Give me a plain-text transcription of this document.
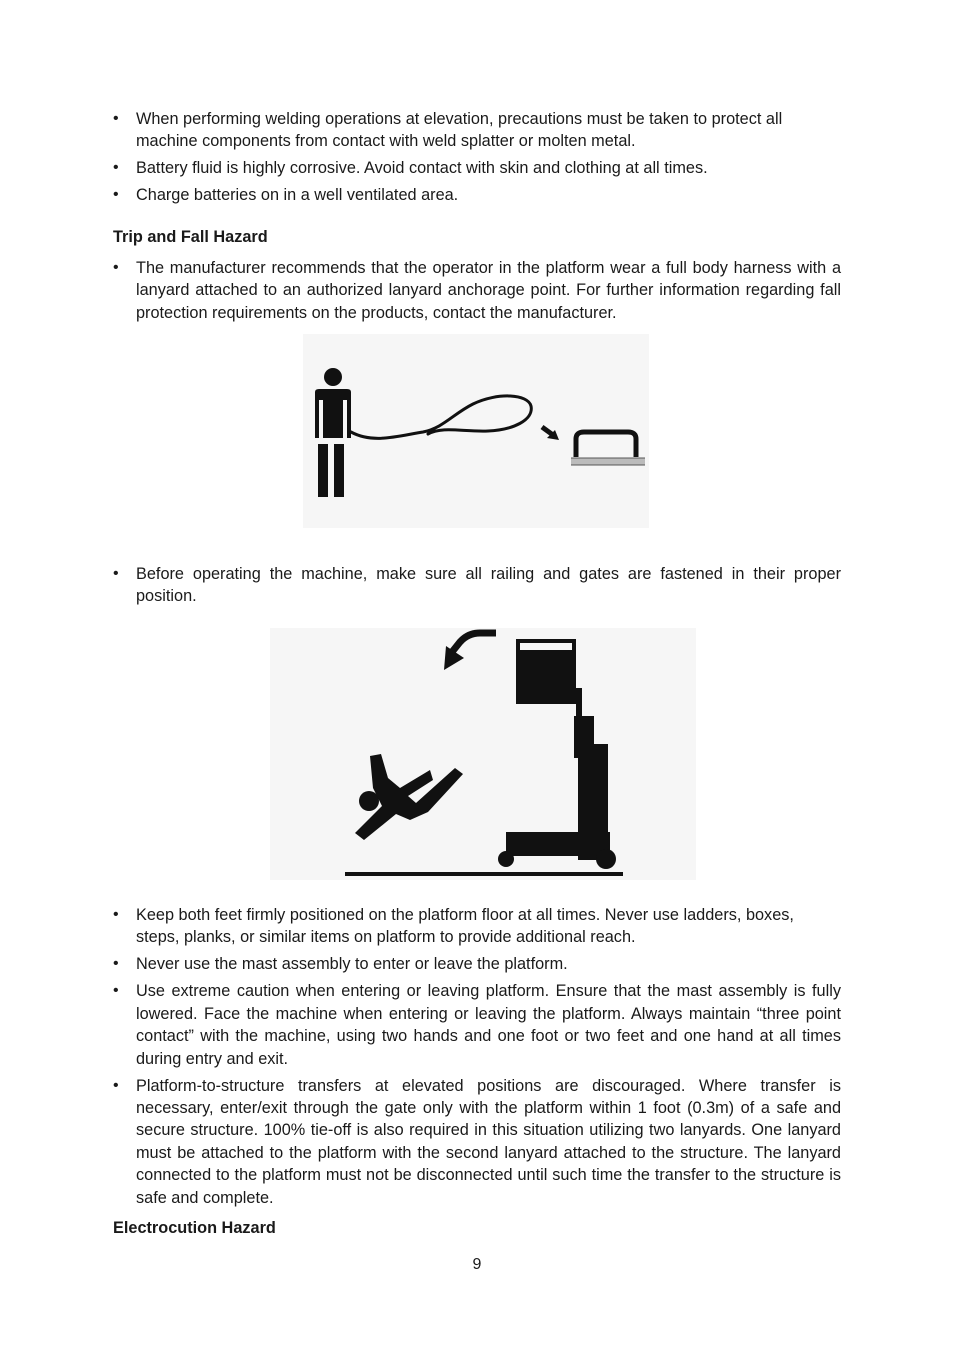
• When performing welding operations at elevation, precautions must be taken to protect all machine components from contact with weld splatter or molten metal.
• Battery fluid is highly corrosive. Avoid contact with skin and clothing at all times.
• Charge batteries on in a well ventilated area.
Trip and Fall Hazard
• The manufacturer recommends that the operator in the platform wear a full body harness with a lanyard attached to an authorized lanyard anchorage point. For further information regarding fall protection requirements on the products, contact the manufacturer.
• Before operating the machine, make sure all railing and gates are fastened in their proper position.
• Keep both feet firmly positioned on the platform floor at all times. Never use ladders, boxes, steps, planks, or similar items on platform to provide additional reach.
• Never use the mast assembly to enter or leave the platform.
• Use extreme caution when entering or leaving platform. Ensure that the mast assembly is fully lowered. Face the machine when entering or leaving the platform. Always maintain “three point contact” with the machine, using two hands and one foot or two feet and one hand at all times during entry and exit.
• Platform-to-structure transfers at elevated positions are discouraged. Where transfer is necessary, enter/exit through the gate only with the platform within 1 foot (0.3m) of a safe and secure structure. 100% tie-off is also required in this situation utilizing two lanyards. One lanyard must be attached to the platform with the second lanyard attached to the structure. The lanyard connected to the platform must not be disconnected until such time the transfer to the structure is safe and complete.
Electrocution Hazard
9
